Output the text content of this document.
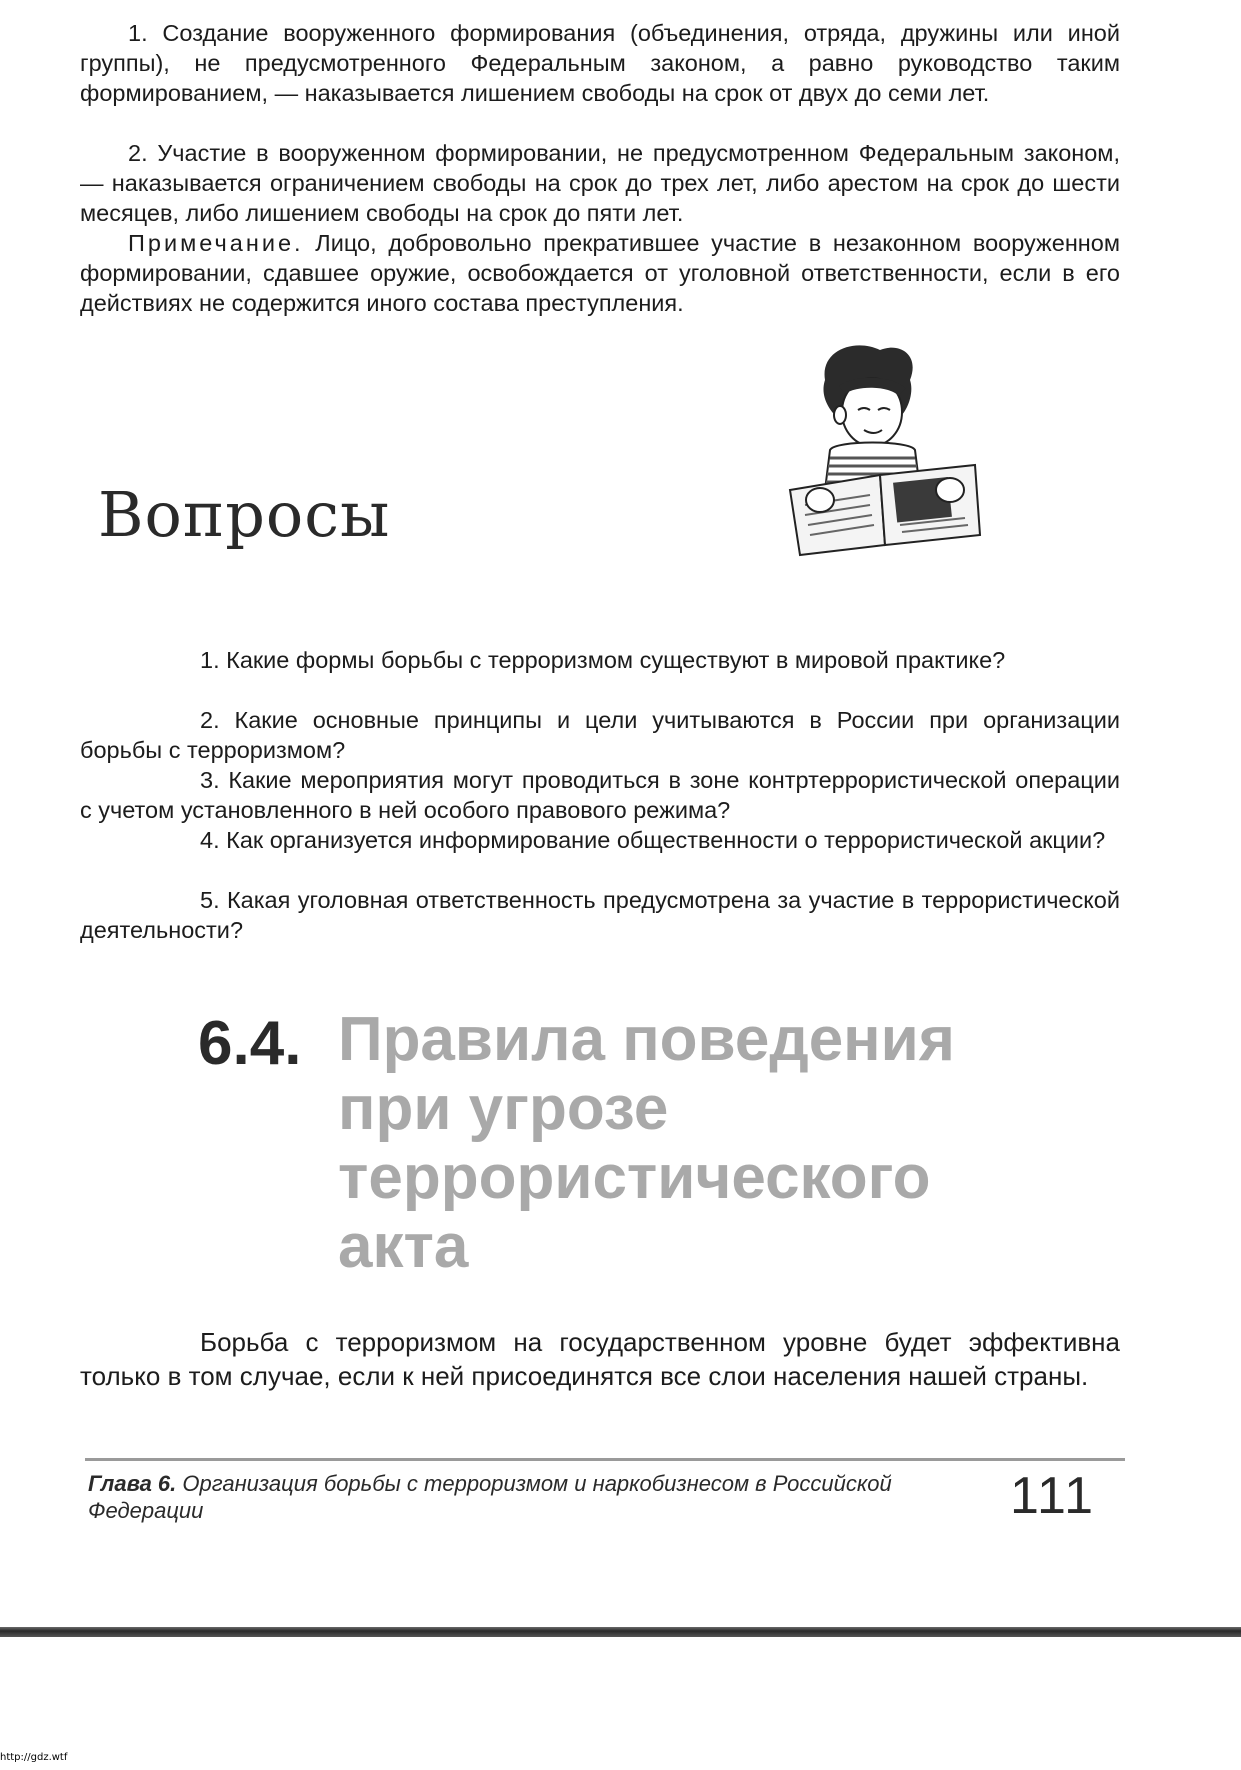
1. Создание вооруженного формирования (объединения, отряда, дружины или иной группы), не предусмотренного Федеральным законом, а равно руководство таким формированием, — наказывается лишением свободы на срок от двух до семи лет.

2. Участие в вооруженном формировании, не предусмотренном Федеральным законом, — наказывается ограничением свободы на срок до трех лет, либо арестом на срок до шести месяцев, либо лишением свободы на срок до пяти лет.

Примечание. Лицо, добровольно прекратившее участие в незаконном вооруженном формировании, сдавшее оружие, освобождается от уголовной ответственности, если в его действиях не содержится иного состава преступления.

Вопросы

1. Какие формы борьбы с терроризмом существуют в мировой практике?

2. Какие основные принципы и цели учитываются в России при организации борьбы с терроризмом?

3. Какие мероприятия могут проводиться в зоне контртеррористической операции с учетом установленного в ней особого правового режима?

4. Как организуется информирование общественности о террористической акции?

5. Какая уголовная ответственность предусмотрена за участие в террористической деятельности?

6.4. Правила поведения при угрозе террористического акта

Борьба с терроризмом на государственном уровне будет эффективна только в том случае, если к ней присоединятся все слои населения нашей страны.

Глава 6. Организация борьбы с терроризмом и наркобизнесом в Российской Федерации	111
http://gdz.wtf
